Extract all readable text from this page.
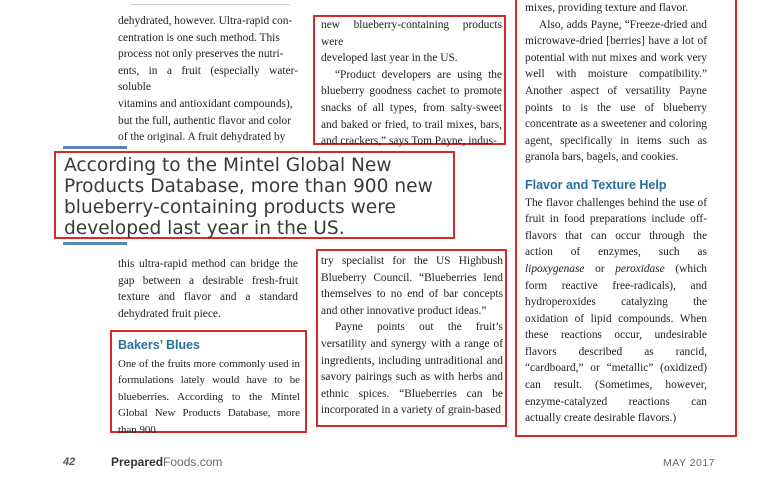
dehydrated, however. Ultra-rapid con-
centration is one such method. This
process not only preserves the nutri-
ents, in a fruit (especially water-soluble
vitamins and antioxidant compounds),
but the full, authentic flavor and color
of the original. A fruit dehydrated by

new blueberry-containing products were

developed last year in the US.

“Product developers are using the blueberry goodness cachet to promote snacks of all types, from salty-sweet and baked or fried, to trail mixes, bars, and crackers,” says Tom Payne, indus-

mixes, providing texture and flavor.

Also, adds Payne, “Freeze-dried and microwave-dried [berries] have a lot of potential with nut mixes and work very well with moisture compatibility.” Another aspect of versatility Payne points to is the use of blueberry concentrate as a sweetener and coloring agent, specifically in items such as granola bars, bagels, and cookies.

Flavor and Texture Help

The flavor challenges behind the use of fruit in food preparations include off-flavors that can occur through the action of enzymes, such as lipoxygenase or peroxidase (which form reactive free-radicals), and hydroperoxides catalyzing the oxidation of lipid compounds. When these reactions occur, undesirable flavors described as rancid, “cardboard,” or “metallic” (oxidized) can result. (Sometimes, however, enzyme-catalyzed reactions can actually create desirable flavors.)

According to the Mintel Global New
Products Database, more than 900 new
blueberry-containing products were
developed last year in the US.

this ultra-rapid method can bridge the gap between a desirable fresh-fruit texture and flavor and a standard dehydrated fruit piece.

Bakers’ Blues

One of the fruits more commonly used in formulations lately would have to be blueberries. According to the Mintel Global New Products Database, more than 900

try specialist for the US Highbush Blueberry Council. “Blueberries lend themselves to no end of bar concepts and other innovative product ideas.”

Payne points out the fruit’s versatility and synergy with a range of ingredients, including untraditional and savory pairings such as with herbs and ethnic spices. “Blueberries can be incorporated in a variety of grain-based

42	PreparedFoods.com	MAY 2017
